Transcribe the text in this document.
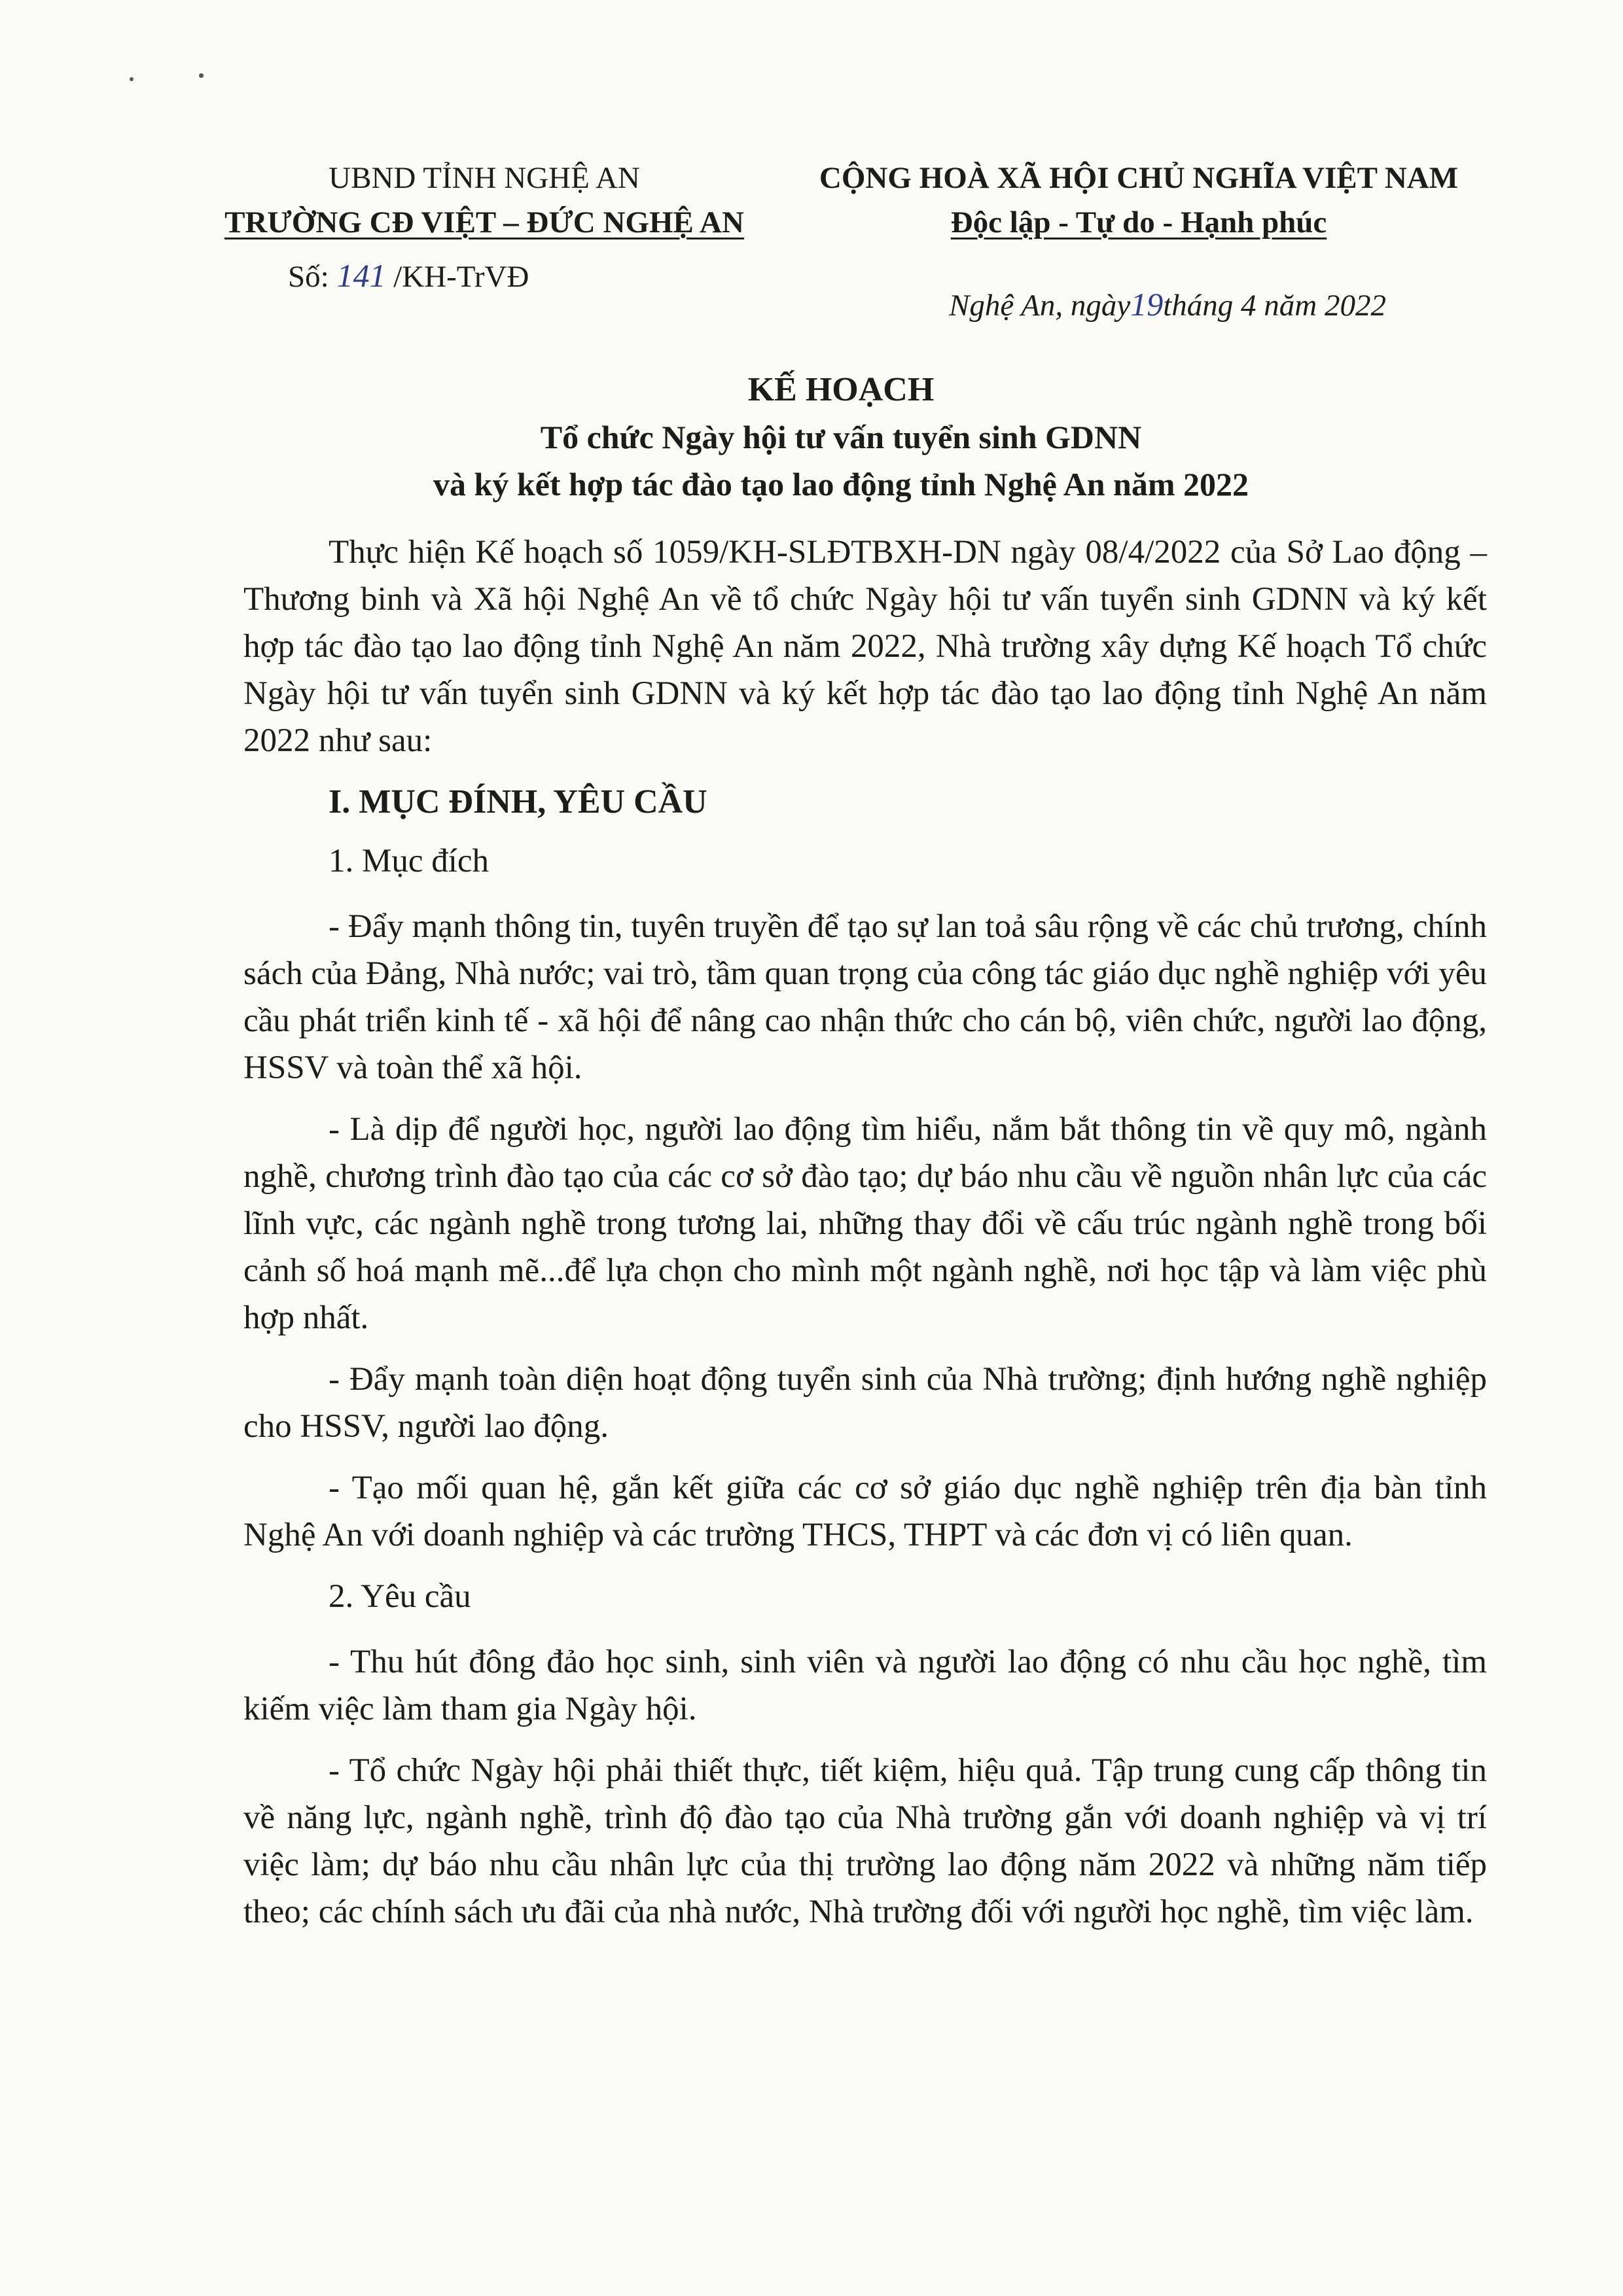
UBND TỈNH NGHỆ AN
TRƯỜNG CĐ VIỆT – ĐỨC NGHỆ AN
Số: 141 /KH-TrVĐ
CỘNG HOÀ XÃ HỘI CHỦ NGHĨA VIỆT NAM
Độc lập - Tự do - Hạnh phúc
Nghệ An, ngày19tháng 4 năm 2022
KẾ HOẠCH
Tổ chức Ngày hội tư vấn tuyển sinh GDNN
và ký kết hợp tác đào tạo lao động tỉnh Nghệ An năm 2022

Thực hiện Kế hoạch số 1059/KH-SLĐTBXH-DN ngày 08/4/2022 của Sở Lao động – Thương binh và Xã hội Nghệ An về tổ chức Ngày hội tư vấn tuyển sinh GDNN và ký kết hợp tác đào tạo lao động tỉnh Nghệ An năm 2022, Nhà trường xây dựng Kế hoạch Tổ chức Ngày hội tư vấn tuyển sinh GDNN và ký kết hợp tác đào tạo lao động tỉnh Nghệ An năm 2022 như sau:

I. MỤC ĐÍNH, YÊU CẦU
1. Mục đích

- Đẩy mạnh thông tin, tuyên truyền để tạo sự lan toả sâu rộng về các chủ trương, chính sách của Đảng, Nhà nước; vai trò, tầm quan trọng của công tác giáo dục nghề nghiệp với yêu cầu phát triển kinh tế - xã hội để nâng cao nhận thức cho cán bộ, viên chức, người lao động, HSSV và toàn thể xã hội.

- Là dịp để người học, người lao động tìm hiểu, nắm bắt thông tin về quy mô, ngành nghề, chương trình đào tạo của các cơ sở đào tạo; dự báo nhu cầu về nguồn nhân lực của các lĩnh vực, các ngành nghề trong tương lai, những thay đổi về cấu trúc ngành nghề trong bối cảnh số hoá mạnh mẽ...để lựa chọn cho mình một ngành nghề, nơi học tập và làm việc phù hợp nhất.

- Đẩy mạnh toàn diện hoạt động tuyển sinh của Nhà trường; định hướng nghề nghiệp cho HSSV, người lao động.

- Tạo mối quan hệ, gắn kết giữa các cơ sở giáo dục nghề nghiệp trên địa bàn tỉnh Nghệ An với doanh nghiệp và các trường THCS, THPT và các đơn vị có liên quan.

2. Yêu cầu

- Thu hút đông đảo học sinh, sinh viên và người lao động có nhu cầu học nghề, tìm kiếm việc làm tham gia Ngày hội.

- Tổ chức Ngày hội phải thiết thực, tiết kiệm, hiệu quả. Tập trung cung cấp thông tin về năng lực, ngành nghề, trình độ đào tạo của Nhà trường gắn với doanh nghiệp và vị trí việc làm; dự báo nhu cầu nhân lực của thị trường lao động năm 2022 và những năm tiếp theo; các chính sách ưu đãi của nhà nước, Nhà trường đối với người học nghề, tìm việc làm.
